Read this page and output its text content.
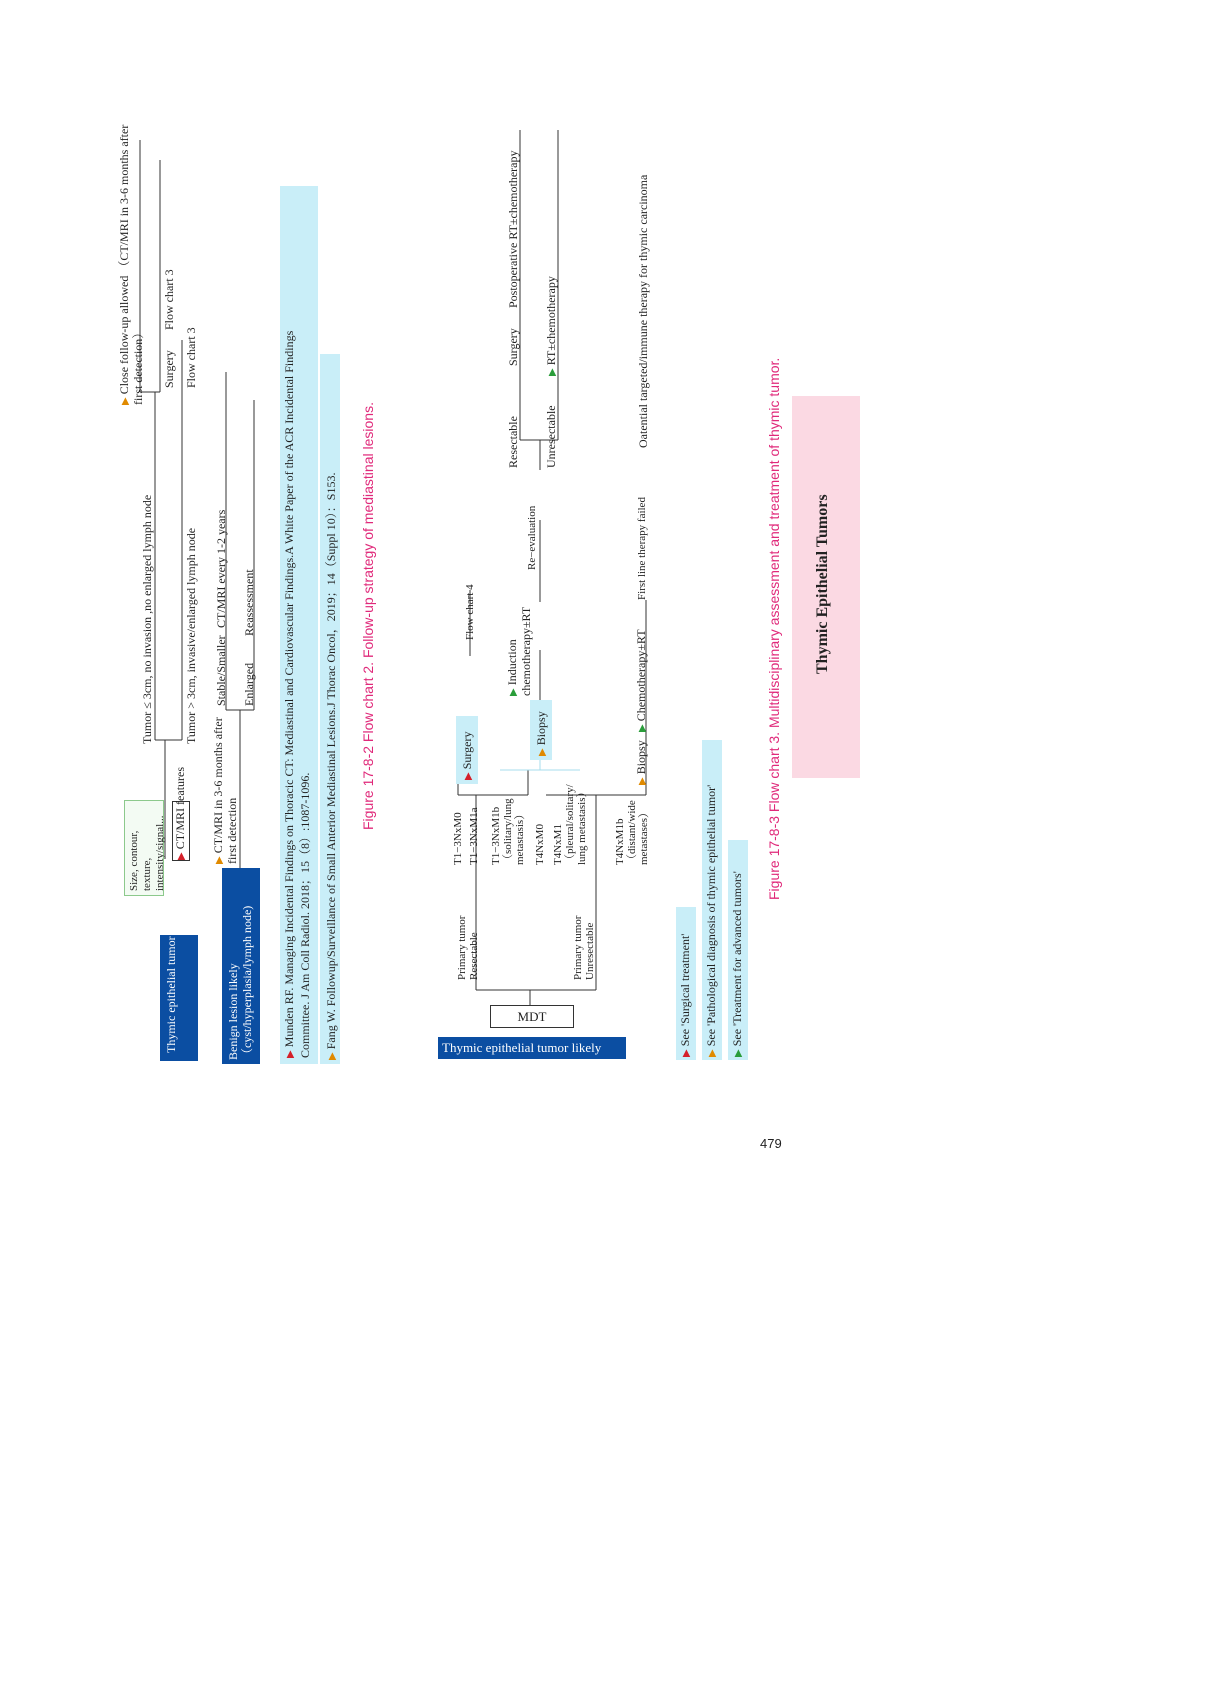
Thymic epithelial tumor likely
▶ CT/MRI features
Size, contour, texture, intensity/signal...
Tumor ≤ 3cm, no invasion ,no enlarged lymph node
▶ Close follow-up allowed （CT/MRI in 3-6 months after first detection） Surgery
Flow chart 3
Tumor > 3cm, invasive/enlarged lymph node
Flow chart 3
Benign lesion likely （cyst/hyperplasia/lymph node)
▶ CT/MRI in 3-6 months after first detection
Stable/Smaller
CT/MRI every 1-2 years
Enlarged
Reassessment
▶ Munden RF. Managing Incidental Findings on Thoracic CT: Mediastinal and Cardiovascular Findings.A White Paper of the ACR Incidental Findings Committee. J Am Coll Radiol. 2018；15（8）:1087-1096.	▶ Fang W. Followup/Surveillance of Small Anterior Mediastinal Lesions.J Thorac Oncol，2019；14（Suppl 10）：S153. Figure 17-8-2 Flow chart 2. Follow-up strategy of mediastinal lesions.
Thymic epithelial tumor likely
MDT
Primary tumor Resectable
T1−3NxM0 T1−3NxM1a
▶ Surgery
Flow chart 4
T1−3NxM1b （solitary/lung metastasis） T4NxM0
Primary tumor Unresectable
T4NxM1 （pleural/solitary/ lung metastasis）
▶ Biopsy
▶ Induction chemotherapy±RT
Re−evaluation
Resectable
Surgery
Postoperative RT±chemotherapy
Unresectable
▶ RT±chemotherapy
T4NxM1b （distant/wide metastases）
▶ Biopsy
▶ Chemotherapy±RT
First line therapy failed
Oatential targeted/immune therapy for thymic carcinoma
▶ See 'Surgical treatment'
▶ See 'Pathological diagnosis of thymic epithelial tumor'
▶ See 'Treatment for advanced tumors'
Figure 17-8-3 Flow chart 3. Multidisciplinary assessment and treatment of thymic tumor. Thymic Epithelial Tumors
479
